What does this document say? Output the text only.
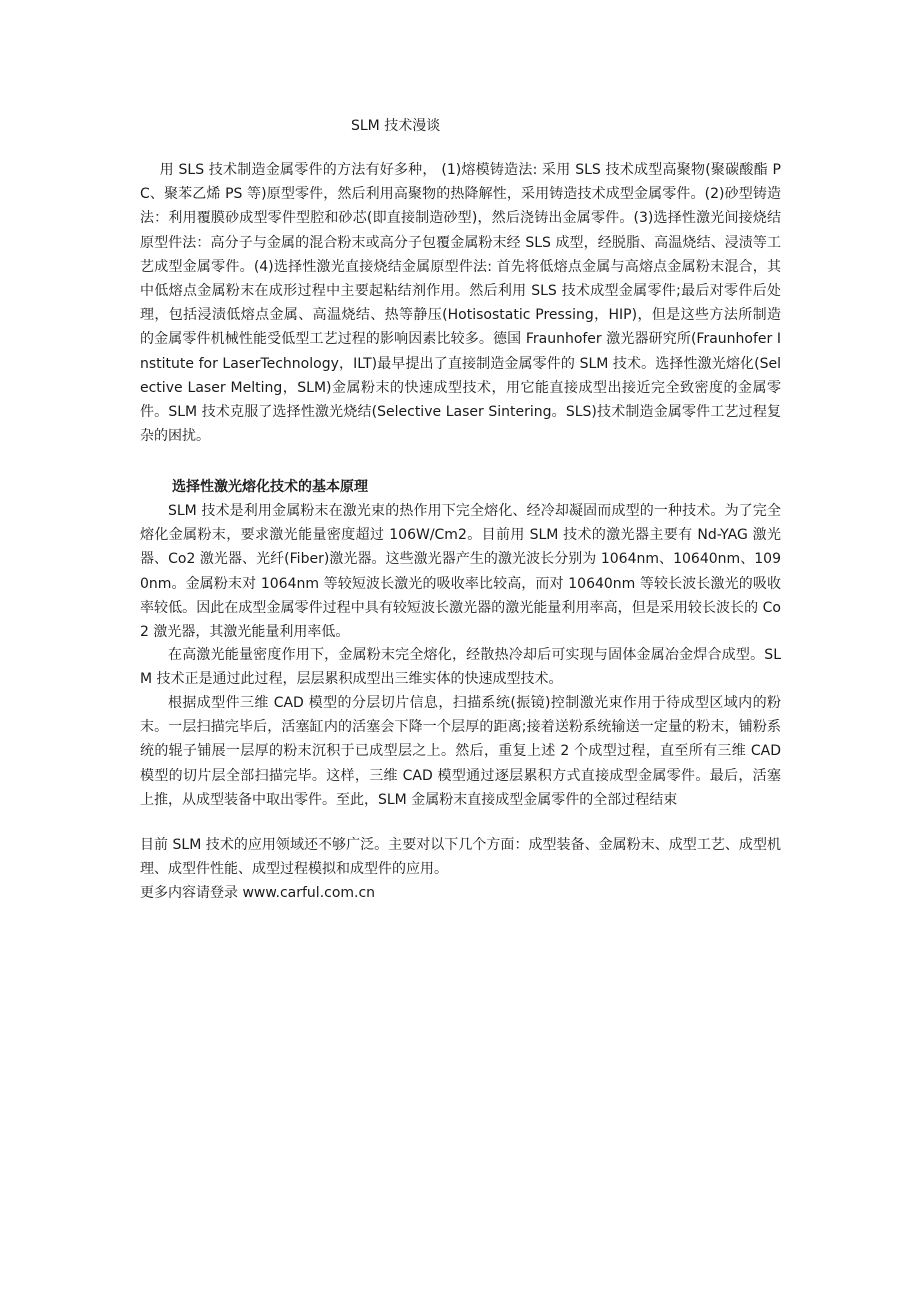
SLM 技术漫谈

用 SLS 技术制造金属零件的方法有好多种， (1)熔模铸造法: 采用 SLS 技术成型高聚物(聚碳酸酯 PC、聚苯乙烯 PS 等)原型零件，然后利用高聚物的热降解性，采用铸造技术成型金属零件。(2)砂型铸造法：利用覆膜砂成型零件型腔和砂芯(即直接制造砂型)，然后浇铸出金属零件。(3)选择性激光间接烧结原型件法：高分子与金属的混合粉末或高分子包覆金属粉末经 SLS 成型，经脱脂、高温烧结、浸渍等工艺成型金属零件。(4)选择性激光直接烧结金属原型件法: 首先将低熔点金属与高熔点金属粉末混合，其中低熔点金属粉末在成形过程中主要起粘结剂作用。然后利用 SLS 技术成型金属零件;最后对零件后处理，包括浸渍低熔点金属、高温烧结、热等静压(Hotisostatic Pressing，HIP)，但是这些方法所制造的金属零件机械性能受低型工艺过程的影响因素比较多。德国 Fraunhofer 激光器研究所(Fraunhofer Institute for LaserTechnology，ILT)最早提出了直接制造金属零件的 SLM 技术。选择性激光熔化(Selective Laser Melting，SLM)金属粉末的快速成型技术，用它能直接成型出接近完全致密度的金属零件。SLM 技术克服了选择性激光烧结(Selective Laser Sintering。SLS)技术制造金属零件工艺过程复杂的困扰。

选择性激光熔化技术的基本原理

SLM 技术是利用金属粉末在激光束的热作用下完全熔化、经冷却凝固而成型的一种技术。为了完全熔化金属粉末，要求激光能量密度超过 106W/Cm2。目前用 SLM 技术的激光器主要有 Nd-YAG 激光器、Co2 激光器、光纤(Fiber)激光器。这些激光器产生的激光波长分别为 1064nm、10640nm、1090nm。金属粉末对 1064nm 等较短波长激光的吸收率比较高，而对 10640nm 等较长波长激光的吸收率较低。因此在成型金属零件过程中具有较短波长激光器的激光能量利用率高，但是采用较长波长的 Co2 激光器，其激光能量利用率低。

在高激光能量密度作用下，金属粉末完全熔化，经散热冷却后可实现与固体金属冶金焊合成型。SLM 技术正是通过此过程，层层累积成型出三维实体的快速成型技术。

根据成型件三维 CAD 模型的分层切片信息，扫描系统(振镜)控制激光束作用于待成型区域内的粉末。一层扫描完毕后，活塞缸内的活塞会下降一个层厚的距离;接着送粉系统输送一定量的粉末，铺粉系统的辊子铺展一层厚的粉末沉积于已成型层之上。然后，重复上述 2 个成型过程，直至所有三维 CAD 模型的切片层全部扫描完毕。这样，三维 CAD 模型通过逐层累积方式直接成型金属零件。最后，活塞上推，从成型装备中取出零件。至此，SLM 金属粉末直接成型金属零件的全部过程结束

目前 SLM 技术的应用领域还不够广泛。主要对以下几个方面：成型装备、金属粉末、成型工艺、成型机理、成型件性能、成型过程模拟和成型件的应用。
更多内容请登录 www.carful.com.cn
